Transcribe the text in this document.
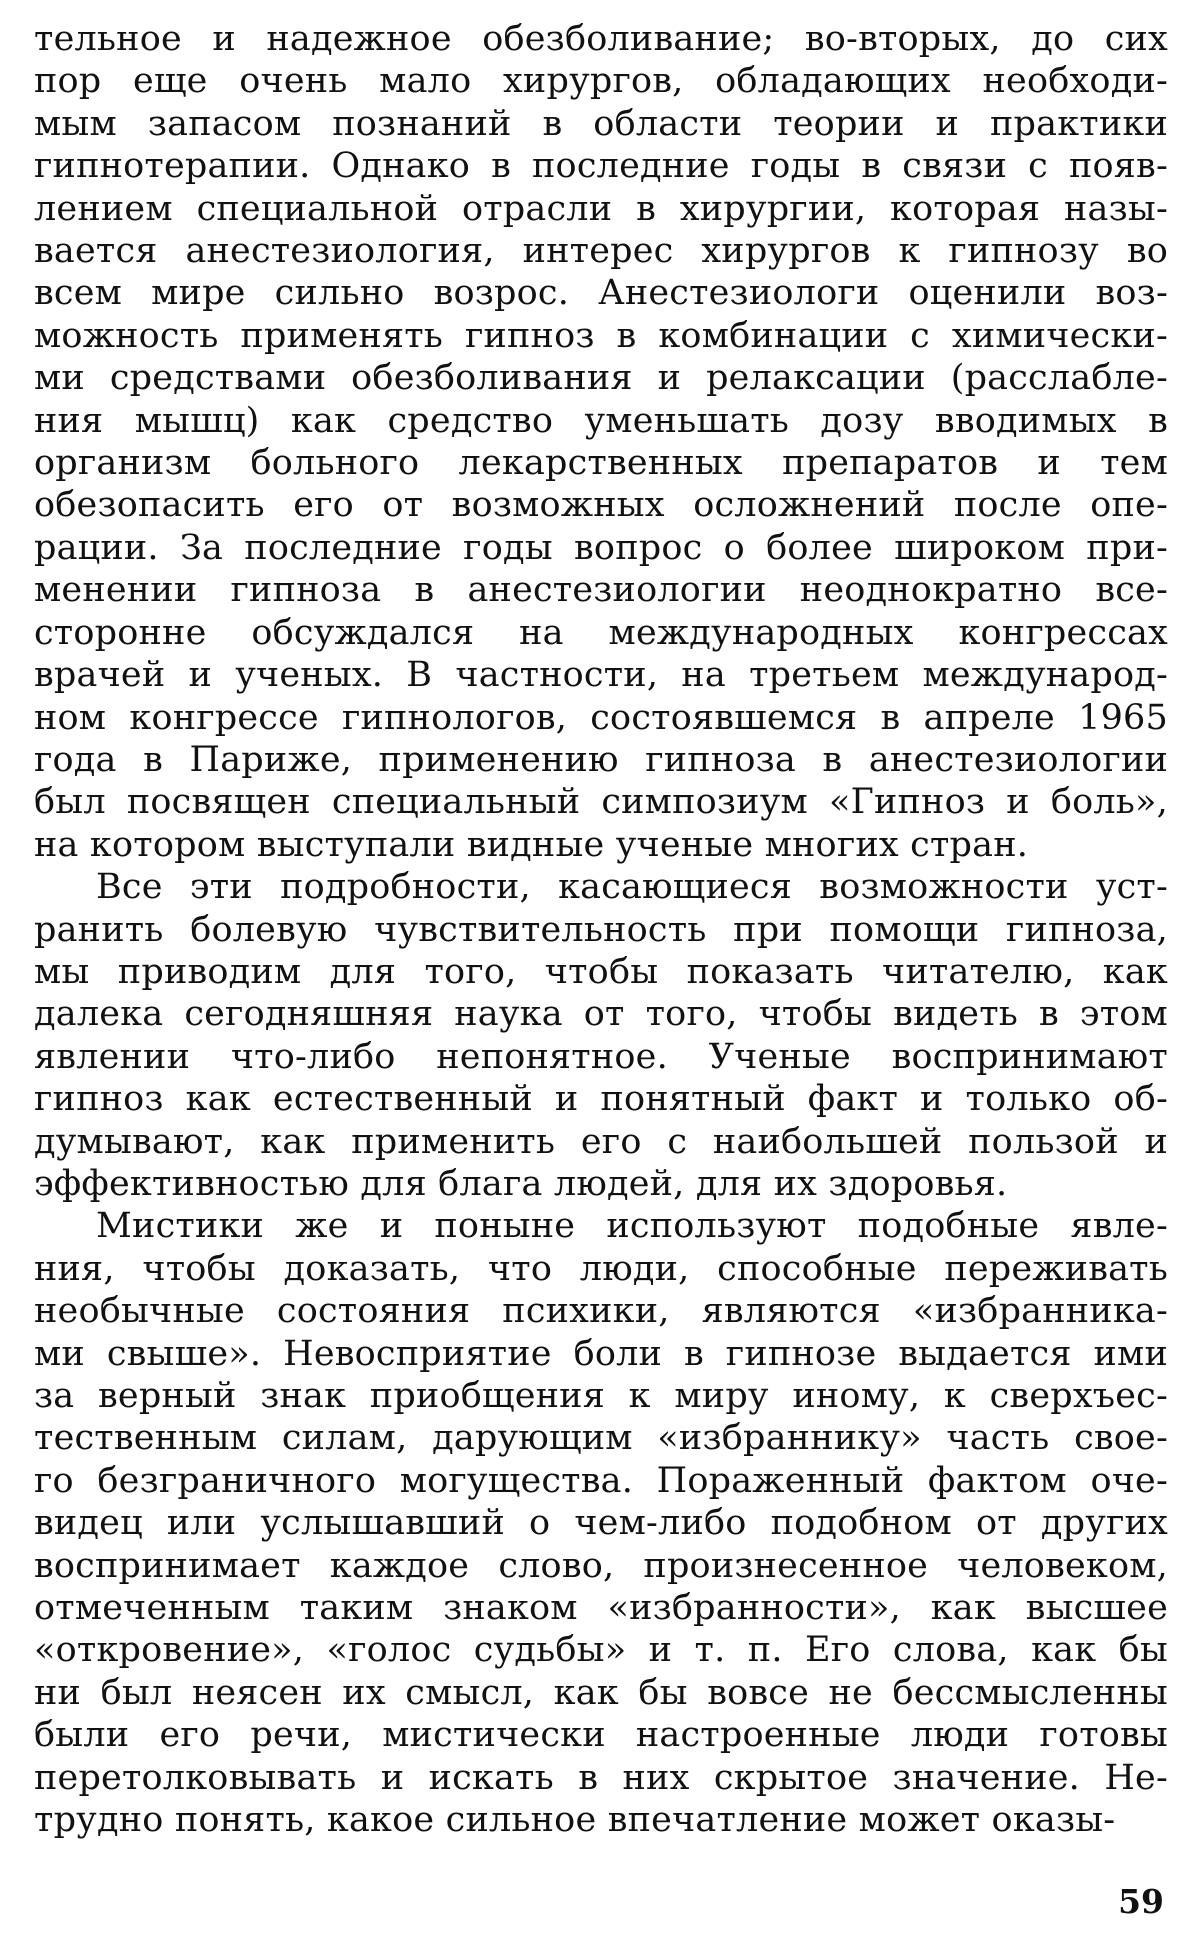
тельное и надежное обезболивание; во-вторых, до сих
пор еще очень мало хирургов, обладающих необходи-
мым запасом познаний в области теории и практики
гипнотерапии. Однако в последние годы в связи с появ-
лением специальной отрасли в хирургии, которая назы-
вается анестезиология, интерес хирургов к гипнозу во
всем мире сильно возрос. Анестезиологи оценили воз-
можность применять гипноз в комбинации с химически-
ми средствами обезболивания и релаксации (расслабле-
ния мышц) как средство уменьшать дозу вводимых в
организм больного лекарственных препаратов и тем
обезопасить его от возможных осложнений после опе-
рации. За последние годы вопрос о более широком при-
менении гипноза в анестезиологии неоднократно все-
сторонне обсуждался на международных конгрессах
врачей и ученых. В частности, на третьем международ-
ном конгрессе гипнологов, состоявшемся в апреле 1965
года в Париже, применению гипноза в анестезиологии
был посвящен специальный симпозиум «Гипноз и боль»,
на котором выступали видные ученые многих стран.
Все эти подробности, касающиеся возможности уст-
ранить болевую чувствительность при помощи гипноза,
мы приводим для того, чтобы показать читателю, как
далека сегодняшняя наука от того, чтобы видеть в этом
явлении что-либо непонятное. Ученые воспринимают
гипноз как естественный и понятный факт и только об-
думывают, как применить его с наибольшей пользой и
эффективностью для блага людей, для их здоровья.
Мистики же и поныне используют подобные явле-
ния, чтобы доказать, что люди, способные переживать
необычные состояния психики, являются «избранника-
ми свыше». Невосприятие боли в гипнозе выдается ими
за верный знак приобщения к миру иному, к сверхъес-
тественным силам, дарующим «избраннику» часть свое-
го безграничного могущества. Пораженный фактом оче-
видец или услышавший о чем-либо подобном от других
воспринимает каждое слово, произнесенное человеком,
отмеченным таким знаком «избранности», как высшее
«откровение», «голос судьбы» и т. п. Его слова, как бы
ни был неясен их смысл, как бы вовсе не бессмысленны
были его речи, мистически настроенные люди готовы
перетолковывать и искать в них скрытое значение. Не-
трудно понять, какое сильное впечатление может оказы-
59
